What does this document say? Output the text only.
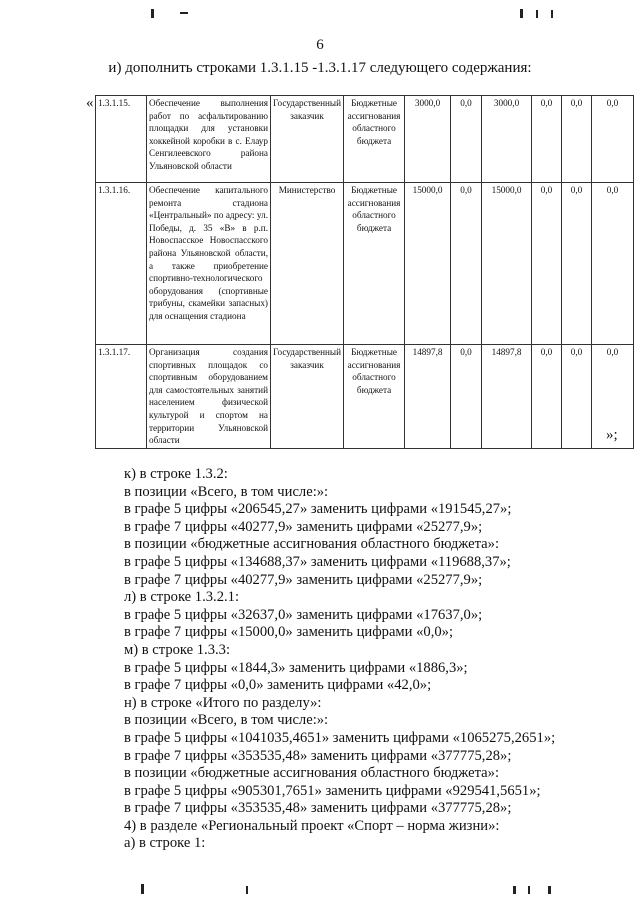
6
и) дополнить строками 1.3.1.15 -1.3.1.17 следующего содержания:
« 1.3.1.15.	Обеспечение выполнения работ по асфальтированию площадки для установки хоккейной коробки в с. Елаур Сенгилеевского района Ульяновской области	Государственный заказчик	Бюджетные ассигнования областного бюджета	3000,0	0,0	3000,0	0,0	0,0	0,0
1.3.1.16.	Обеспечение капитального ремонта стадиона «Центральный» по адресу: ул. Победы, д. 35 «В» в р.п. Новоспасское Новоспасского района Ульяновской области, а также приобретение спортивно-технологического оборудования (спортивные трибуны, скамейки запасных) для оснащения стадиона	Министерство	Бюджетные ассигнования областного бюджета	15000,0	0,0	15000,0	0,0	0,0	0,0
1.3.1.17.	Организация создания спортивных площадок со спортивным оборудованием для самостоятельных занятий населением физической культурой и спортом на территории Ульяновской области	Государственный заказчик	Бюджетные ассигнования областного бюджета	14897,8	0,0	14897,8	0,0	0,0	0,0
»;
к) в строке 1.3.2:
в позиции «Всего, в том числе:»:
в графе 5 цифры «206545,27» заменить цифрами «191545,27»;
в графе 7 цифры «40277,9» заменить цифрами «25277,9»;
в позиции «бюджетные ассигнования областного бюджета»:
в графе 5 цифры «134688,37» заменить цифрами «119688,37»;
в графе 7 цифры «40277,9» заменить цифрами «25277,9»;
л) в строке 1.3.2.1:
в графе 5 цифры «32637,0» заменить цифрами «17637,0»;
в графе 7 цифры «15000,0» заменить цифрами «0,0»;
м) в строке 1.3.3:
в графе 5 цифры «1844,3» заменить цифрами «1886,3»;
в графе 7 цифры «0,0» заменить цифрами «42,0»;
н) в строке «Итого по разделу»:
в позиции «Всего, в том числе:»:
в графе 5 цифры «1041035,4651» заменить цифрами «1065275,2651»;
в графе 7 цифры «353535,48» заменить цифрами «377775,28»;
в позиции «бюджетные ассигнования областного бюджета»:
в графе 5 цифры «905301,7651» заменить цифрами «929541,5651»;
в графе 7 цифры «353535,48» заменить цифрами «377775,28»;
4) в разделе «Региональный проект «Спорт – норма жизни»:
а) в строке 1:
